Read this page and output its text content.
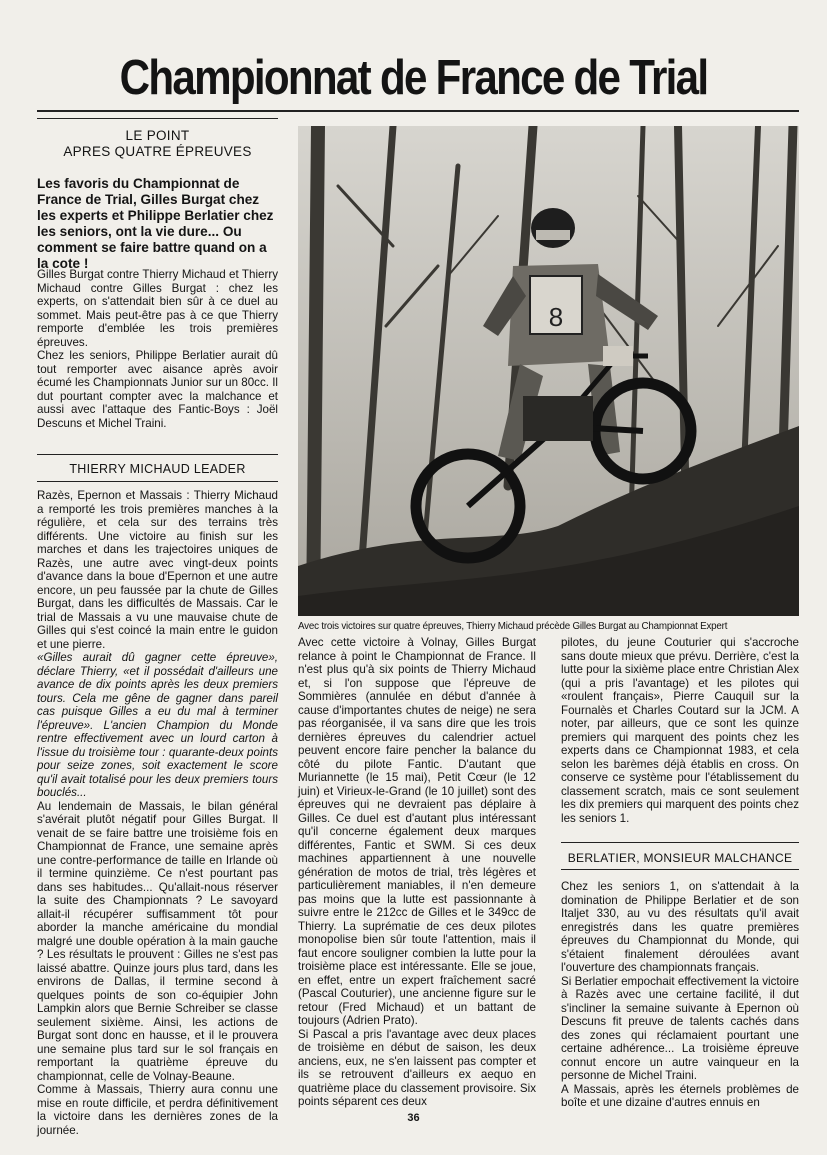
Championnat de France de Trial
LE POINT
APRES QUATRE ÉPREUVES
Les favoris du Championnat de France de Trial, Gilles Burgat chez les experts et Philippe Berlatier chez les seniors, ont la vie dure... Ou comment se faire battre quand on a la cote !

Gilles Burgat contre Thierry Michaud et Thierry Michaud contre Gilles Burgat : chez les experts, on s'attendait bien sûr à ce duel au sommet. Mais peut-être pas à ce que Thierry remporte d'emblée les trois premières épreuves.

Chez les seniors, Philippe Berlatier aurait dû tout remporter avec aisance après avoir écumé les Championnats Junior sur un 80cc. Il dut pourtant compter avec la malchance et aussi avec l'attaque des Fantic-Boys : Joël Descuns et Michel Traini.

THIERRY MICHAUD LEADER

Razès, Epernon et Massais : Thierry Michaud a remporté les trois premières manches à la régulière, et cela sur des terrains très différents. Une victoire au finish sur les marches et dans les trajectoires uniques de Razès, une autre avec vingt-deux points d'avance dans la boue d'Epernon et une autre encore, un peu faussée par la chute de Gilles Burgat, dans les difficultés de Massais. Car le trial de Massais a vu une mauvaise chute de Gilles qui s'est coincé la main entre le guidon et une pierre.

«Gilles aurait dû gagner cette épreuve», déclare Thierry, «et il possédait d'ailleurs une avance de dix points après les deux premiers tours. Cela me gêne de gagner dans pareil cas puisque Gilles a eu du mal à terminer l'épreuve». L'ancien Champion du Monde rentre effectivement avec un lourd carton à l'issue du troisième tour : quarante-deux points pour seize zones, soit exactement le score qu'il avait totalisé pour les deux premiers tours bouclés...

Au lendemain de Massais, le bilan général s'avérait plutôt négatif pour Gilles Burgat. Il venait de se faire battre une troisième fois en Championnat de France, une semaine après une contre-performance de taille en Irlande où il termine quinzième. Ce n'est pourtant pas dans ses habitudes... Qu'allait-nous réserver la suite des Championnats ? Le savoyard allait-il récupérer suffisamment tôt pour aborder la manche américaine du mondial malgré une double opération à la main gauche ? Les résultats le prouvent : Gilles ne s'est pas laissé abattre. Quinze jours plus tard, dans les environs de Dallas, il termine second à quelques points de son co-équipier John Lampkin alors que Bernie Schreiber se classe seulement sixième. Ainsi, les actions de Burgat sont donc en hausse, et il le prouvera une semaine plus tard sur le sol français en remportant la quatrième épreuve du championnat, celle de Volnay-Beaune.

Comme à Massais, Thierry aura connu une mise en route difficile, et perdra définitivement la victoire dans les dernières zones de la journée.

8
Avec trois victoires sur quatre épreuves, Thierry Michaud précède Gilles Burgat au Championnat Expert

Avec cette victoire à Volnay, Gilles Burgat relance à point le Championnat de France. Il n'est plus qu'à six points de Thierry Michaud et, si l'on suppose que l'épreuve de Sommières (annulée en début d'année à cause d'importantes chutes de neige) ne sera pas réorganisée, il va sans dire que les trois dernières épreuves du calendrier actuel peuvent encore faire pencher la balance du côté du pilote Fantic. D'autant que Muriannette (le 15 mai), Petit Cœur (le 12 juin) et Virieux-le-Grand (le 10 juillet) sont des épreuves qui ne devraient pas déplaire à Gilles. Ce duel est d'autant plus intéressant qu'il concerne également deux marques différentes, Fantic et SWM. Si ces deux machines appartiennent à une nouvelle génération de motos de trial, très légères et particulièrement maniables, il n'en demeure pas moins que la lutte est passionnante à suivre entre le 212cc de Gilles et le 349cc de Thierry. La suprématie de ces deux pilotes monopolise bien sûr toute l'attention, mais il faut encore souligner combien la lutte pour la troisième place est intéressante. Elle se joue, en effet, entre un expert fraîchement sacré (Pascal Couturier), une ancienne figure sur le retour (Fred Michaud) et un battant de toujours (Adrien Prato).

Si Pascal a pris l'avantage avec deux places de troisième en début de saison, les deux anciens, eux, ne s'en laissent pas compter et ils se retrouvent d'ailleurs ex aequo en quatrième place du classement provisoire. Six points séparent ces deux

pilotes, du jeune Couturier qui s'accroche sans doute mieux que prévu. Derrière, c'est la lutte pour la sixième place entre Christian Alex (qui a pris l'avantage) et les pilotes qui «roulent français», Pierre Cauquil sur la Fournalès et Charles Coutard sur la JCM. A noter, par ailleurs, que ce sont les quinze premiers qui marquent des points chez les experts dans ce Championnat 1983, et cela selon les barèmes déjà établis en cross. On conserve ce système pour l'établissement du classement scratch, mais ce sont seulement les dix premiers qui marquent des points chez les seniors 1.

BERLATIER, MONSIEUR MALCHANCE

Chez les seniors 1, on s'attendait à la domination de Philippe Berlatier et de son Italjet 330, au vu des résultats qu'il avait enregistrés dans les quatre premières épreuves du Championnat du Monde, qui s'étaient finalement déroulées avant l'ouverture des championnats français.

Si Berlatier empochait effectivement la victoire à Razès avec une certaine facilité, il dut s'incliner la semaine suivante à Epernon où Descuns fit preuve de talents cachés dans des zones qui réclamaient pourtant une certaine adhérence... La troisième épreuve connut encore un autre vainqueur en la personne de Michel Traini.

A Massais, après les éternels problèmes de boîte et une dizaine d'autres ennuis en

36
